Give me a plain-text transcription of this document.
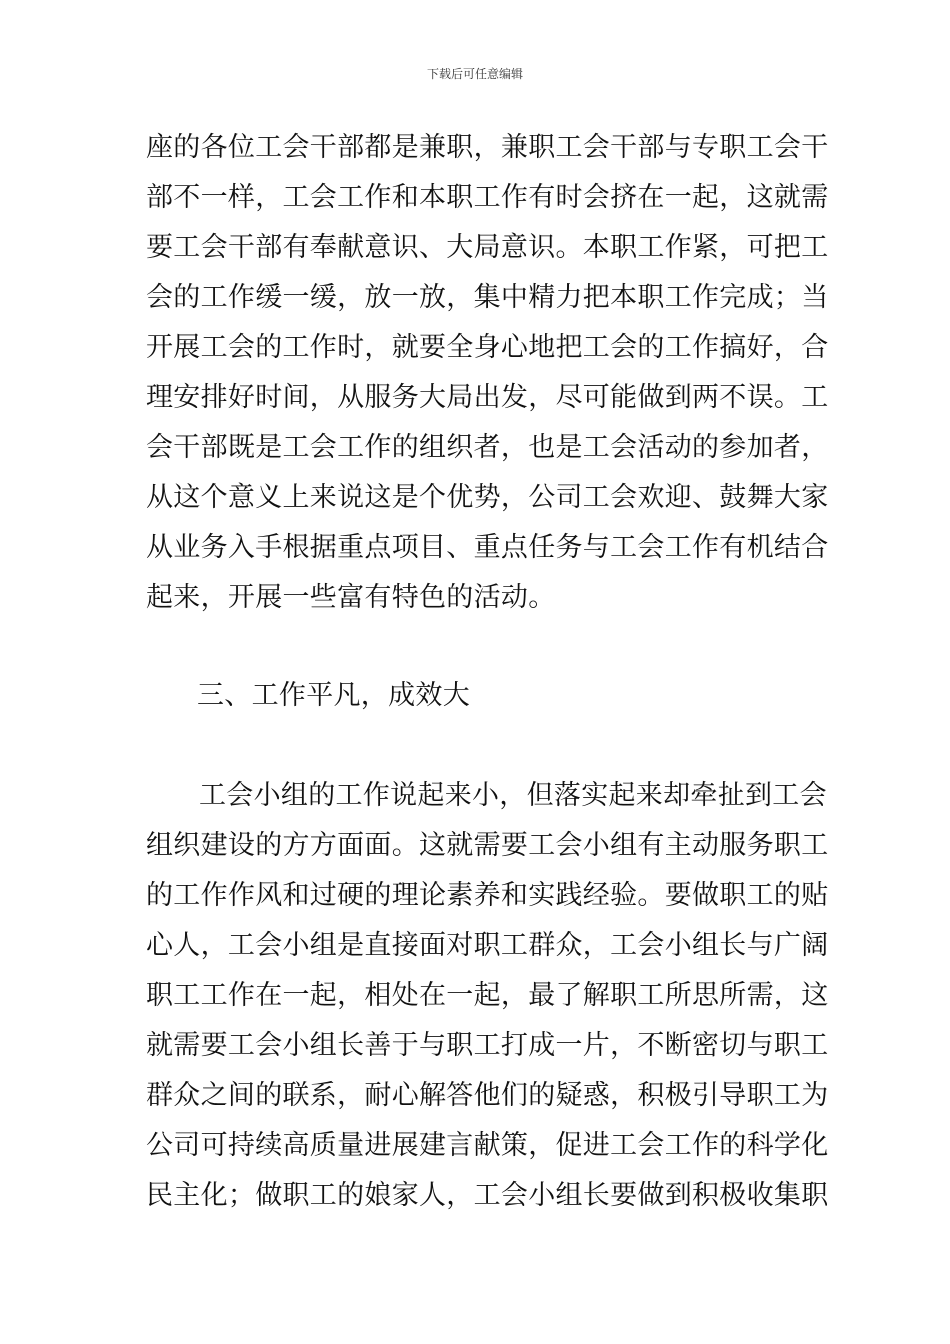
下载后可任意编辑
座的各位工会干部都是兼职，兼职工会干部与专职工会干
部不一样，工会工作和本职工作有时会挤在一起，这就需
要工会干部有奉献意识、大局意识。本职工作紧，可把工
会的工作缓一缓，放一放，集中精力把本职工作完成；当
开展工会的工作时，就要全身心地把工会的工作搞好，合
理安排好时间，从服务大局出发，尽可能做到两不误。工
会干部既是工会工作的组织者，也是工会活动的参加者，
从这个意义上来说这是个优势，公司工会欢迎、鼓舞大家
从业务入手根据重点项目、重点任务与工会工作有机结合
起来，开展一些富有特色的活动。
三、工作平凡，成效大
工会小组的工作说起来小，但落实起来却牵扯到工会
组织建设的方方面面。这就需要工会小组有主动服务职工
的工作作风和过硬的理论素养和实践经验。要做职工的贴
心人，工会小组是直接面对职工群众，工会小组长与广阔
职工工作在一起，相处在一起，最了解职工所思所需，这
就需要工会小组长善于与职工打成一片，不断密切与职工
群众之间的联系，耐心解答他们的疑惑，积极引导职工为
公司可持续高质量进展建言献策，促进工会工作的科学化
民主化；做职工的娘家人，工会小组长要做到积极收集职
